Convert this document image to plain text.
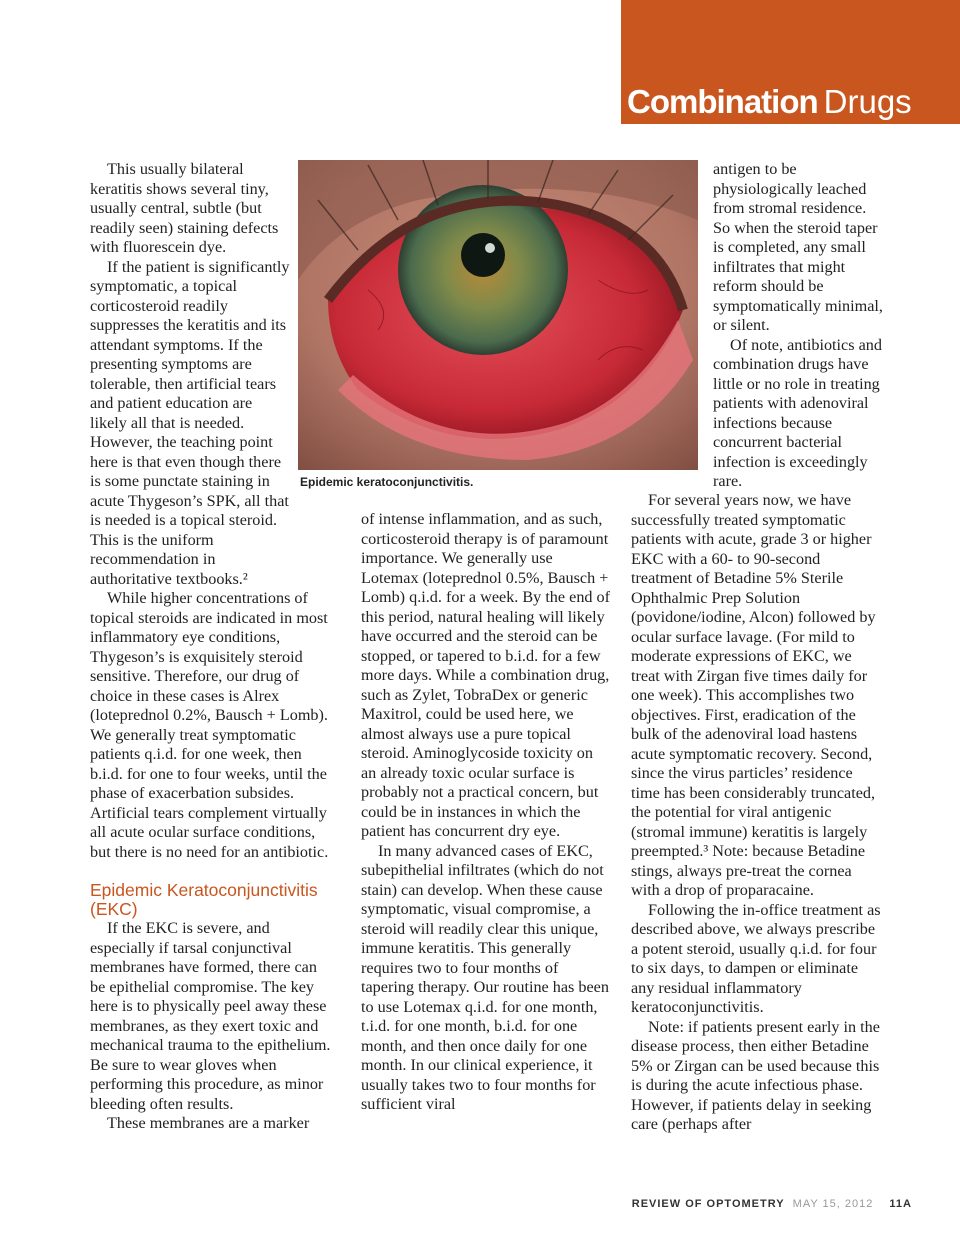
Combination Drugs
Epidemic keratoconjunctivitis.

This usually bilateral keratitis shows several tiny, usually central, subtle (but readily seen) staining defects with fluorescein dye.

If the patient is significantly symptomatic, a topical corticosteroid readily suppresses the keratitis and its attendant symptoms. If the presenting symptoms are tolerable, then artificial tears and patient education are likely all that is needed. However, the teaching point here is that even though there is some punctate staining in acute Thygeson’s SPK, all that is needed is a topical steroid. This is the uniform recommendation in authoritative textbooks.²

While higher concentrations of topical steroids are indicated in most inflammatory eye conditions, Thygeson’s is exquisitely steroid sensitive. Therefore, our drug of choice in these cases is Alrex (loteprednol 0.2%, Bausch + Lomb). We generally treat symptomatic patients q.i.d. for one week, then b.i.d. for one to four weeks, until the phase of exacerbation subsides. Artificial tears complement virtually all acute ocular surface conditions, but there is no need for an antibiotic.

Epidemic Keratoconjunctivitis (EKC)

If the EKC is severe, and especially if tarsal conjunctival membranes have formed, there can be epithelial compromise. The key here is to physically peel away these membranes, as they exert toxic and mechanical trauma to the epithelium. Be sure to wear gloves when performing this procedure, as minor bleeding often results.

These membranes are a marker

of intense inflammation, and as such, corticosteroid therapy is of paramount importance. We generally use Lotemax (loteprednol 0.5%, Bausch + Lomb) q.i.d. for a week. By the end of this period, natural healing will likely have occurred and the steroid can be stopped, or tapered to b.i.d. for a few more days. While a combination drug, such as Zylet, TobraDex or generic Maxitrol, could be used here, we almost always use a pure topical steroid. Aminoglycoside toxicity on an already toxic ocular surface is probably not a practical concern, but could be in instances in which the patient has concurrent dry eye.

In many advanced cases of EKC, subepithelial infiltrates (which do not stain) can develop. When these cause symptomatic, visual compromise, a steroid will readily clear this unique, immune keratitis. This generally requires two to four months of tapering therapy. Our routine has been to use Lotemax q.i.d. for one month, t.i.d. for one month, b.i.d. for one month, and then once daily for one month. In our clinical experience, it usually takes two to four months for sufficient viral

antigen to be physiologically leached from stromal residence. So when the steroid taper is completed, any small infiltrates that might reform should be symptomatically minimal, or silent.

Of note, antibiotics and combination drugs have little or no role in treating patients with adenoviral infections because concurrent bacterial infection is exceedingly rare.

For several years now, we have successfully treated symptomatic patients with acute, grade 3 or higher EKC with a 60- to 90-second treatment of Betadine 5% Sterile Ophthalmic Prep Solution (povidone/iodine, Alcon) followed by ocular surface lavage. (For mild to moderate expressions of EKC, we treat with Zirgan five times daily for one week). This accomplishes two objectives. First, eradication of the bulk of the adenoviral load hastens acute symptomatic recovery. Second, since the virus particles’ residence time has been considerably truncated, the potential for viral antigenic (stromal immune) keratitis is largely preempted.³ Note: because Betadine stings, always pre-treat the cornea with a drop of proparacaine.

Following the in-office treatment as described above, we always prescribe a potent steroid, usually q.i.d. for four to six days, to dampen or eliminate any residual inflammatory keratoconjunctivitis.

Note: if patients present early in the disease process, then either Betadine 5% or Zirgan can be used because this is during the acute infectious phase. However, if patients delay in seeking care (perhaps after

REVIEW OF OPTOMETRY MAY 15, 2012 11A
